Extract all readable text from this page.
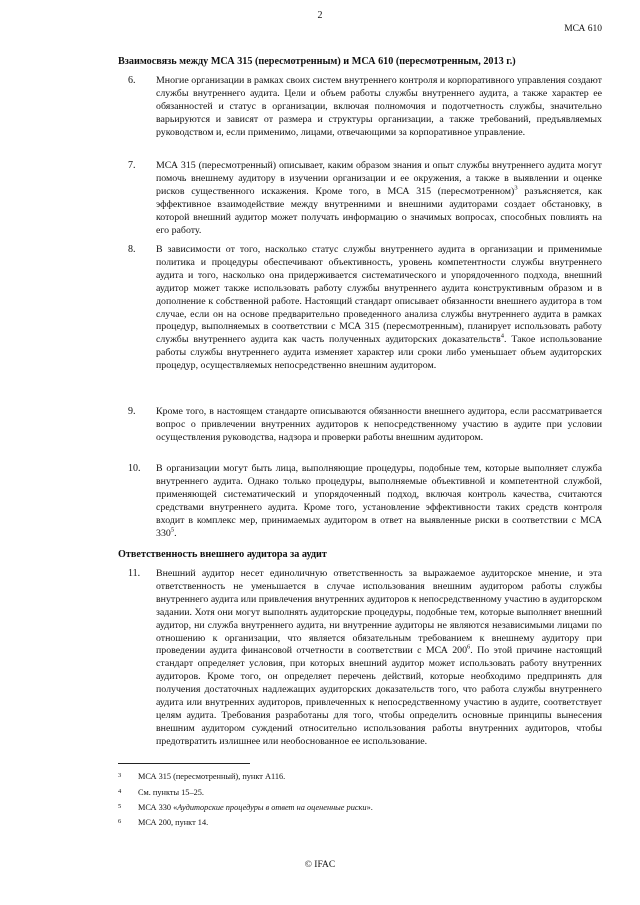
2
МСА 610
Взаимосвязь между МСА 315 (пересмотренным) и МСА 610 (пересмотренным, 2013 г.)
6. Многие организации в рамках своих систем внутреннего контроля и корпоративного управления создают службы внутреннего аудита. Цели и объем работы службы внутреннего аудита, а также характер ее обязанностей и статус в организации, включая полномочия и подотчетность службы, значительно варьируются и зависят от размера и структуры организации, а также требований, предъявляемых руководством и, если применимо, лицами, отвечающими за корпоративное управление.
7. МСА 315 (пересмотренный) описывает, каким образом знания и опыт службы внутреннего аудита могут помочь внешнему аудитору в изучении организации и ее окружения, а также в выявлении и оценке рисков существенного искажения. Кроме того, в МСА 315 (пересмотренном)$^3$ разъясняется, как эффективное взаимодействие между внутренними и внешними аудиторами создает обстановку, в которой внешний аудитор может получать информацию о значимых вопросах, способных повлиять на его работу.
8. В зависимости от того, насколько статус службы внутреннего аудита в организации и применимые политика и процедуры обеспечивают объективность, уровень компетентности службы внутреннего аудита и того, насколько она придерживается систематического и упорядоченного подхода, внешний аудитор может также использовать работу службы внутреннего аудита конструктивным образом и в дополнение к собственной работе. Настоящий стандарт описывает обязанности внешнего аудитора в том случае, если он на основе предварительно проведенного анализа службы внутреннего аудита в рамках процедур, выполняемых в соответствии с МСА 315 (пересмотренным), планирует использовать работу службы внутреннего аудита как часть полученных аудиторских доказательств$^4$. Такое использование работы службы внутреннего аудита изменяет характер или сроки либо уменьшает объем аудиторских процедур, осуществляемых непосредственно внешним аудитором.
9. Кроме того, в настоящем стандарте описываются обязанности внешнего аудитора, если рассматривается вопрос о привлечении внутренних аудиторов к непосредственному участию в аудите при условии осуществления руководства, надзора и проверки работы внешним аудитором.
10. В организации могут быть лица, выполняющие процедуры, подобные тем, которые выполняет служба внутреннего аудита. Однако только процедуры, выполняемые объективной и компетентной службой, применяющей систематический и упорядоченный подход, включая контроль качества, считаются средствами внутреннего аудита. Кроме того, установление эффективности таких средств контроля входит в комплекс мер, принимаемых аудитором в ответ на выявленные риски в соответствии с МСА $330^5$.
Ответственность внешнего аудитора за аудит
11. Внешний аудитор несет единоличную ответственность за выражаемое аудиторское мнение, и эта ответственность не уменьшается в случае использования внешним аудитором работы службы внутреннего аудита или привлечения внутренних аудиторов к непосредственному участию в аудиторском задании. Хотя они могут выполнять аудиторские процедуры, подобные тем, которые выполняет внешний аудитор, ни служба внутреннего аудита, ни внутренние аудиторы не являются независимыми лицами по отношению к организации, что является обязательным требованием к внешнему аудитору при проведении аудита финансовой отчетности в соответствии с МСА $200^6$. По этой причине настоящий стандарт определяет условия, при которых внешний аудитор может использовать работу внутренних аудиторов. Кроме того, он определяет перечень действий, которые необходимо предпринять для получения достаточных надлежащих аудиторских доказательств того, что работа службы внутреннего аудита или внутренних аудиторов, привлеченных к непосредственному участию в аудите, соответствует целям аудита. Требования разработаны для того, чтобы определить основные принципы вынесения внешним аудитором суждений относительно использования работы внутренних аудиторов, чтобы предотвратить излишнее или необоснованное ее использование.
3 МСА 315 (пересмотренный), пункт A116.
4 См. пункты 15–25.
5 МСА 330 «Аудиторские процедуры в ответ на оцененные риски».
6 МСА 200, пункт 14.
© IFAC
